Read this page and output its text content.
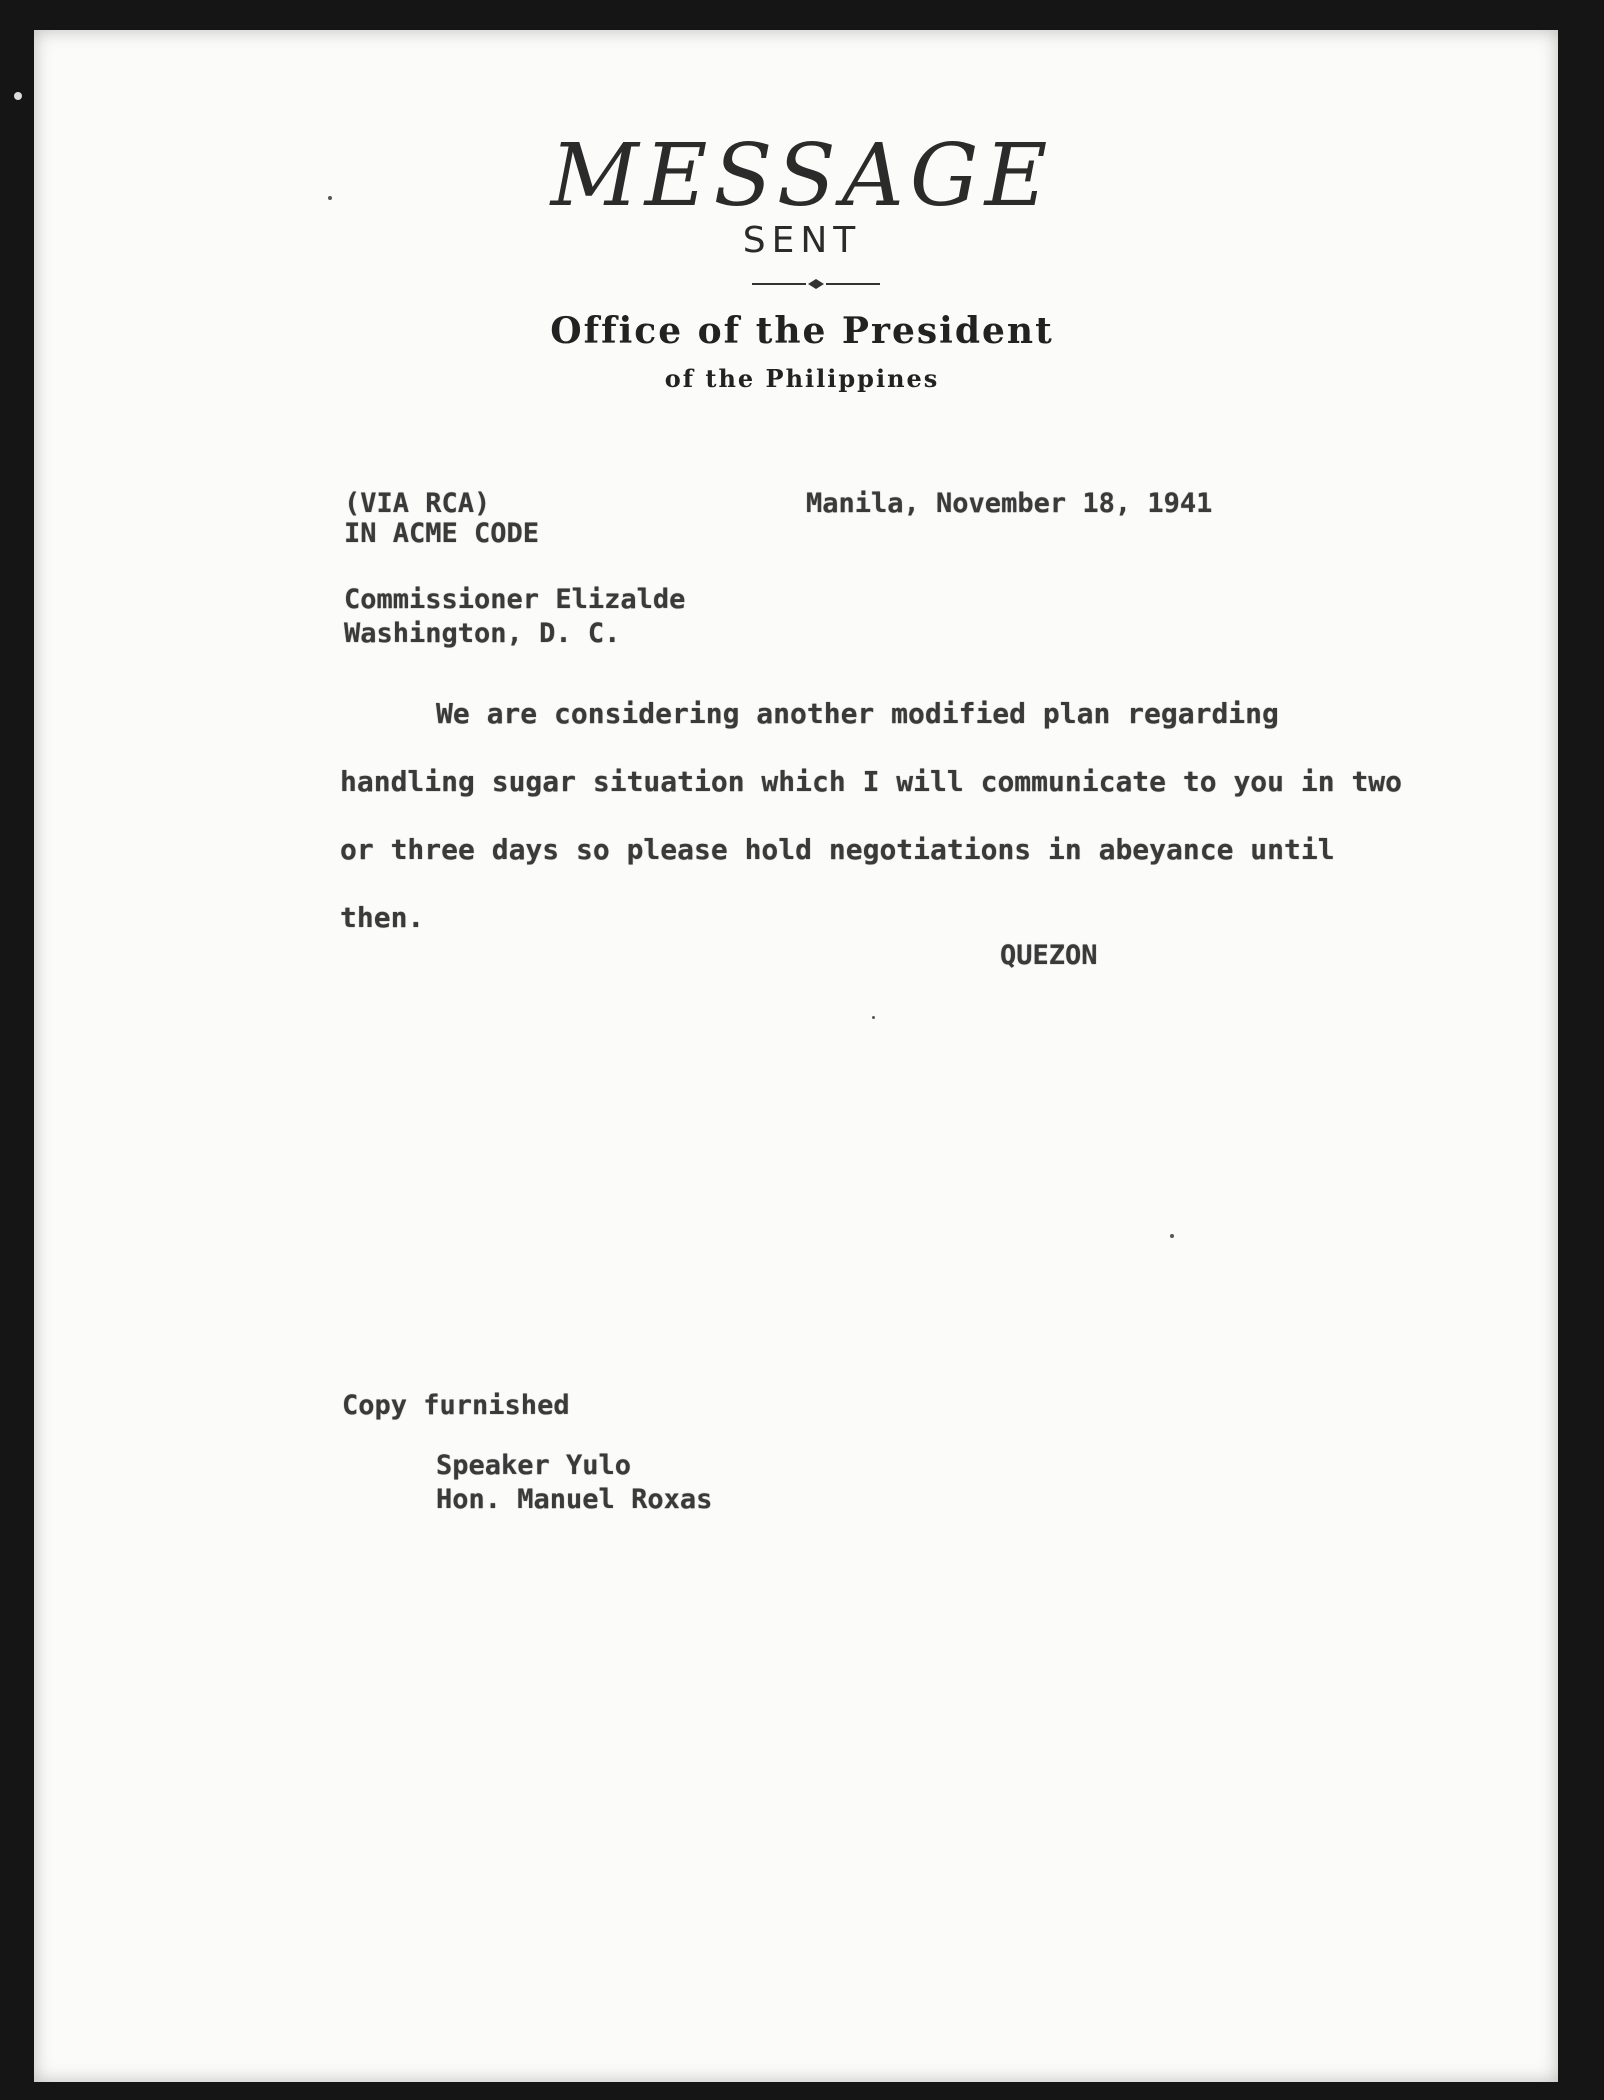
MESSAGE
SENT
Office of the President
of the Philippines
(VIA RCA)
IN ACME CODE
Manila, November 18, 1941
Commissioner Elizalde
Washington, D. C.

We are considering another modified plan regarding handling sugar situation which I will communicate to you in two or three days so please hold negotiations in abeyance until then.

QUEZON
Copy furnished
Speaker Yulo
Hon. Manuel Roxas
